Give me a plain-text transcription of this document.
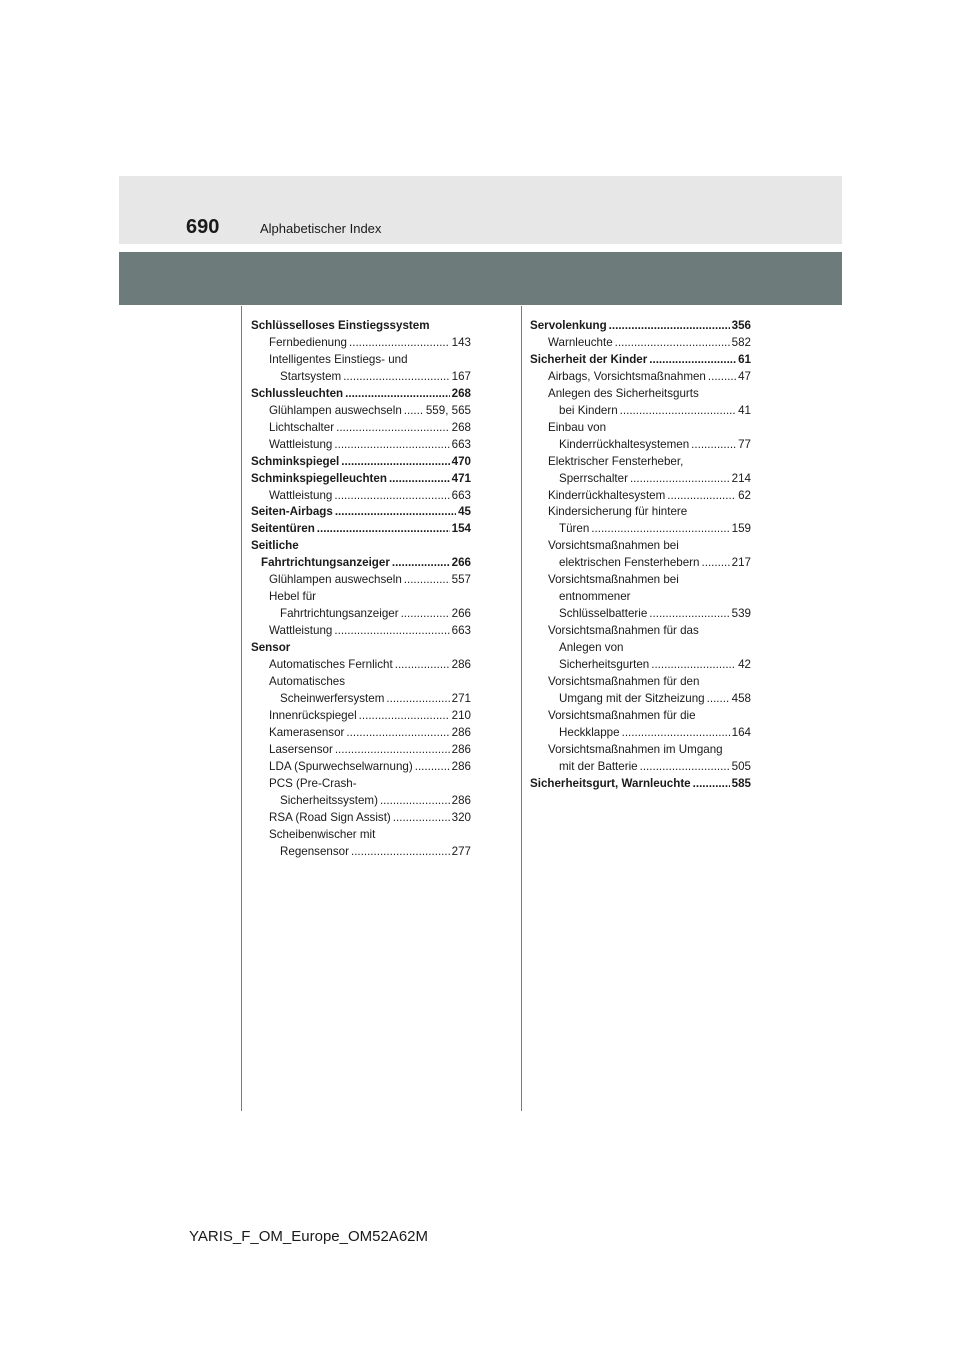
690	Alphabetischer Index
Schlüsselloses Einstiegssystem
Fernbedienung .....	143
Intelligentes Einstiegs- und
Startsystem .....	167
Schlussleuchten .....	268
Glühlampen auswechseln ..... 559, 565
Lichtschalter .....	268
Wattleistung .....	663
Schminkspiegel .....	470
Schminkspiegelleuchten .....	471
Wattleistung .....	663
Seiten-Airbags .....	45
Seitentüren .....	154
Seitliche
Fahrtrichtungsanzeiger .....	266
Glühlampen auswechseln .....	557
Hebel für
Fahrtrichtungsanzeiger .....	266
Wattleistung .....	663
Sensor
Automatisches Fernlicht .....	286
Automatisches
Scheinwerfersystem .....	271
Innenrückspiegel .....	210
Kamerasensor .....	286
Lasersensor .....	286
LDA (Spurwechselwarnung) .....	286
PCS (Pre-Crash-
Sicherheitssystem) .....	286
RSA (Road Sign Assist) .....	320
Scheibenwischer mit
Regensensor .....	277
Servolenkung .....	356
Warnleuchte .....	582
Sicherheit der Kinder .....	61
Airbags, Vorsichtsmaßnahmen .....	47
Anlegen des Sicherheitsgurts
bei Kindern .....	41
Einbau von
Kinderrückhaltesystemen .....	77
Elektrischer Fensterheber,
Sperrschalter .....	214
Kinderrückhaltesystem .....	62
Kindersicherung für hintere
Türen .....	159
Vorsichtsmaßnahmen bei
elektrischen Fensterhebern .....	217
Vorsichtsmaßnahmen bei
entnommener
Schlüsselbatterie .....	539
Vorsichtsmaßnahmen für das
Anlegen von
Sicherheitsgurten .....	42
Vorsichtsmaßnahmen für den
Umgang mit der Sitzheizung ..... 458
Vorsichtsmaßnahmen für die
Heckklappe .....	164
Vorsichtsmaßnahmen im Umgang
mit der Batterie .....	505
Sicherheitsgurt, Warnleuchte .....	585
YARIS_F_OM_Europe_OM52A62M
